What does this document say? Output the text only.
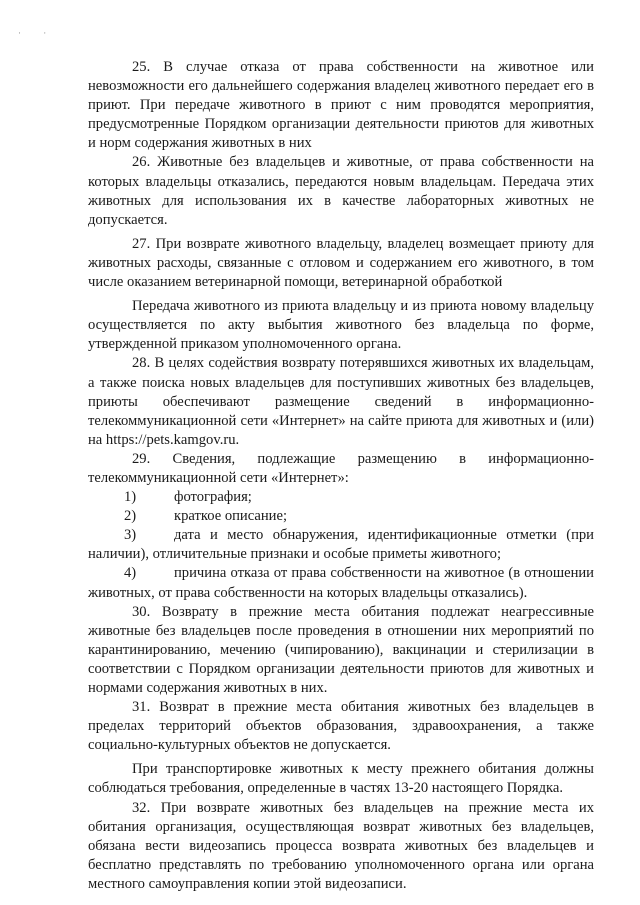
· ·

25. В случае отказа от права собственности на животное или невозможности его дальнейшего содержания владелец животного передает его в приют. При передаче животного в приют с ним проводятся мероприятия, предусмотренные Порядком организации деятельности приютов для животных и норм содержания животных в них

26. Животные без владельцев и животные, от права собственности на которых владельцы отказались, передаются новым владельцам. Передача этих животных для использования их в качестве лабораторных животных не допускается.

27. При возврате животного владельцу, владелец возмещает приюту для животных расходы, связанные с отловом и содержанием его животного, в том числе оказанием ветеринарной помощи, ветеринарной обработкой

Передача животного из приюта владельцу и из приюта новому владельцу осуществляется по акту выбытия животного без владельца по форме, утвержденной приказом уполномоченного органа.

28. В целях содействия возврату потерявшихся животных их владельцам, а также поиска новых владельцев для поступивших животных без владельцев, приюты обеспечивают размещение сведений в информационно-телекоммуникационной сети «Интернет» на сайте приюта для животных и (или) на https://pets.kamgov.ru.

29. Сведения, подлежащие размещению в информационно-телекоммуникационной сети «Интернет»:

1)	фотография;
2)	краткое описание;
3)	дата и место обнаружения, идентификационные отметки (при наличии), отличительные признаки и особые приметы животного;
4)	причина отказа от права собственности на животное (в отношении животных, от права собственности на которых владельцы отказались).

30. Возврату в прежние места обитания подлежат неагрессивные животные без владельцев после проведения в отношении них мероприятий по карантинированию, мечению (чипированию), вакцинации и стерилизации в соответствии с Порядком организации деятельности приютов для животных и нормами содержания животных в них.

31. Возврат в прежние места обитания животных без владельцев в пределах территорий объектов образования, здравоохранения, а также социально-культурных объектов не допускается.

При транспортировке животных к месту прежнего обитания должны соблюдаться требования, определенные в частях 13-20 настоящего Порядка.

32. При возврате животных без владельцев на прежние места их обитания организация, осуществляющая возврат животных без владельцев, обязана вести видеозапись процесса возврата животных без владельцев и бесплатно представлять по требованию уполномоченного органа или органа местного самоуправления копии этой видеозаписи.
